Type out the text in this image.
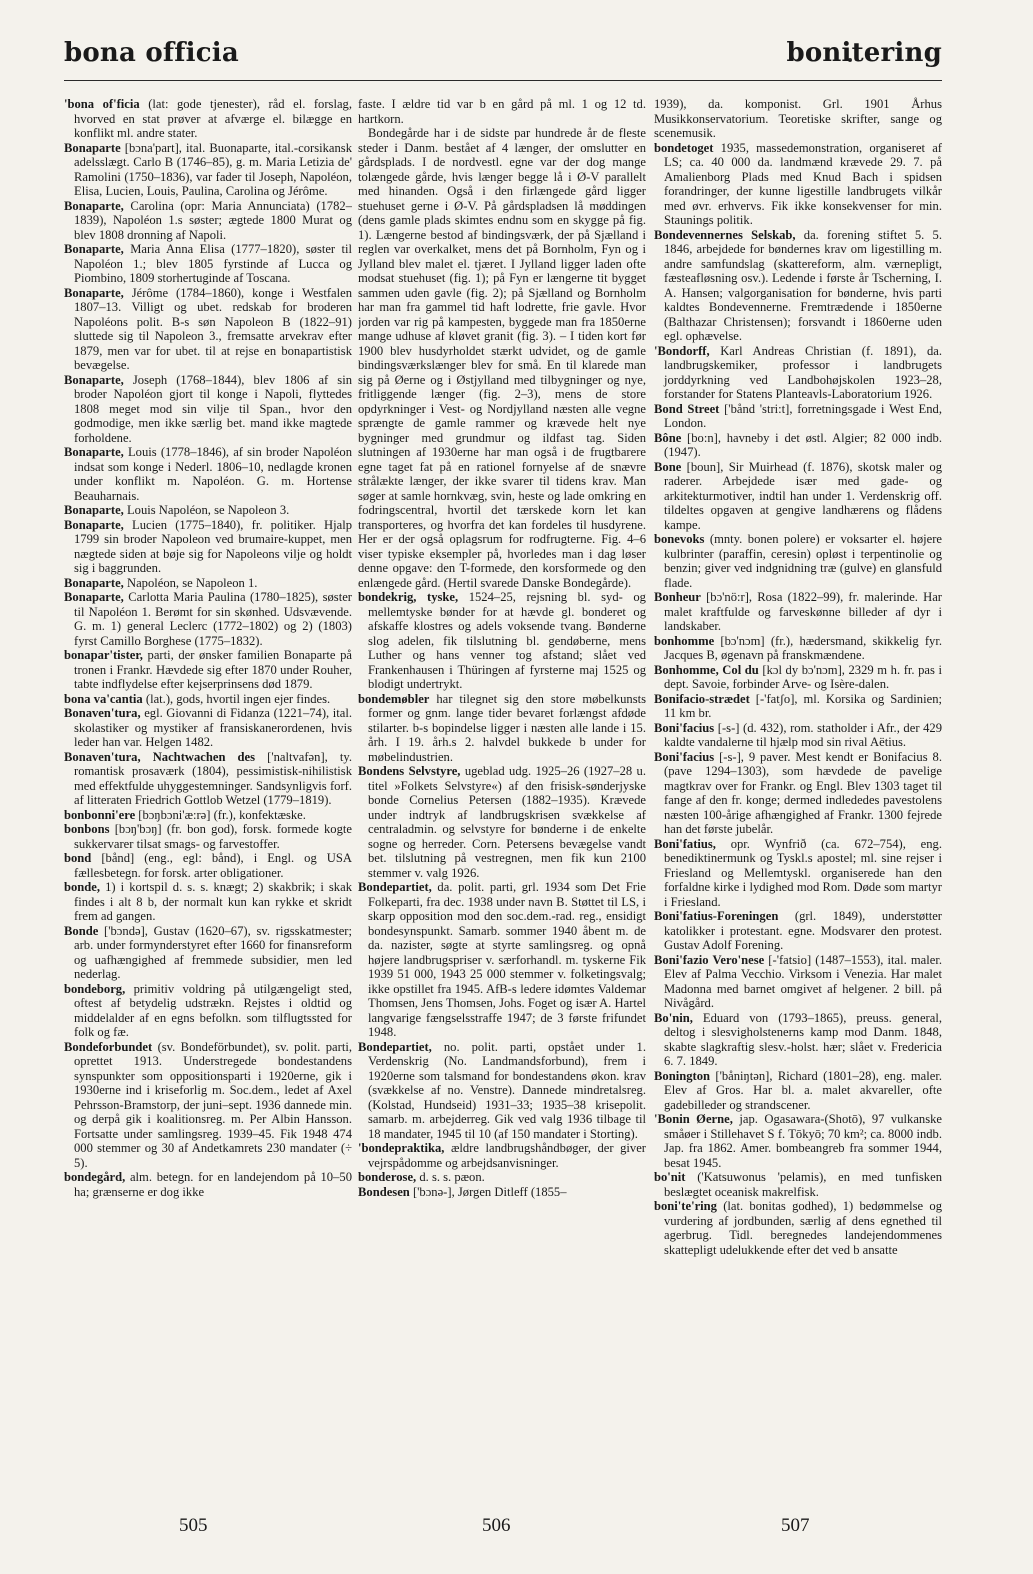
bona officia	bonitering

'bona of'ficia (lat: gode tjenester), råd el. forslag, hvorved en stat prøver at afværge el. bilægge en konflikt ml. andre stater.

Bonaparte [bɔna'part], ital. Buonaparte, ital.-corsikansk adelsslægt. Carlo B (1746–85), g. m. Maria Letizia de' Ramolini (1750–1836), var fader til Joseph, Napoléon, Elisa, Lucien, Louis, Paulina, Carolina og Jérôme.

Bonaparte, Carolina (opr: Maria Annunciata) (1782–1839), Napoléon 1.s søster; ægtede 1800 Murat og blev 1808 dronning af Napoli.

Bonaparte, Maria Anna Elisa (1777–1820), søster til Napoléon 1.; blev 1805 fyrstinde af Lucca og Piombino, 1809 storhertuginde af Toscana.

Bonaparte, Jérôme (1784–1860), konge i Westfalen 1807–13. Villigt og ubet. redskab for broderen Napoléons polit. B-s søn Napoleon B (1822–91) sluttede sig til Napoleon 3., fremsatte arvekrav efter 1879, men var for ubet. til at rejse en bonapartistisk bevægelse.

Bonaparte, Joseph (1768–1844), blev 1806 af sin broder Napoléon gjort til konge i Napoli, flyttedes 1808 meget mod sin vilje til Span., hvor den godmodige, men ikke særlig bet. mand ikke magtede forholdene.

Bonaparte, Louis (1778–1846), af sin broder Napoléon indsat som konge i Nederl. 1806–10, nedlagde kronen under konflikt m. Napoléon. G. m. Hortense Beauharnais.

Bonaparte, Louis Napoléon, se Napoleon 3.

Bonaparte, Lucien (1775–1840), fr. politiker. Hjalp 1799 sin broder Napoleon ved brumaire-kuppet, men nægtede siden at bøje sig for Napoleons vilje og holdt sig i baggrunden.

Bonaparte, Napoléon, se Napoleon 1.

Bonaparte, Carlotta Maria Paulina (1780–1825), søster til Napoléon 1. Berømt for sin skønhed. Udsvævende. G. m. 1) general Leclerc (1772–1802) og 2) (1803) fyrst Camillo Borghese (1775–1832).

bonapar'tister, parti, der ønsker familien Bonaparte på tronen i Frankr. Hævdede sig efter 1870 under Rouher, tabte indflydelse efter kejserprinsens død 1879.

bona va'cantia (lat.), gods, hvortil ingen ejer findes.

Bonaven'tura, egl. Giovanni di Fidanza (1221–74), ital. skolastiker og mystiker af fransiskanerordenen, hvis leder han var. Helgen 1482.

Bonaven'tura, Nachtwachen des ['naltvafən], ty. romantisk prosaværk (1804), pessimistisk-nihilistisk med effektfulde uhyggestemninger. Sandsynligvis forf. af litteraten Friedrich Gottlob Wetzel (1779–1819).

bonbonni'ere [bɔŋbɔni'æ:rə] (fr.), konfektæske.

bonbons [bɔŋ'bɔŋ] (fr. bon god), forsk. formede kogte sukkervarer tilsat smags- og farvestoffer.

bond [bånd] (eng., egl: bånd), i Engl. og USA fællesbetegn. for forsk. arter obligationer.

bonde, 1) i kortspil d. s. s. knægt; 2) skakbrik; i skak findes i alt 8 b, der normalt kun kan rykke et skridt frem ad gangen.

Bonde ['bɔndə], Gustav (1620–67), sv. rigsskatmester; arb. under formynderstyret efter 1660 for finansreform og uafhængighed af fremmede subsidier, men led nederlag.

bondeborg, primitiv voldring på utilgængeligt sted, oftest af betydelig udstrækn. Rejstes i oldtid og middelalder af en egns befolkn. som tilflugtssted for folk og fæ.

Bondeforbundet (sv. Bondeförbundet), sv. polit. parti, oprettet 1913. Understregede bondestandens synspunkter som oppositionsparti i 1920erne, gik i 1930erne ind i kriseforlig m. Soc.dem., ledet af Axel Pehrsson-Bramstorp, der juni–sept. 1936 dannede min. og derpå gik i koalitionsreg. m. Per Albin Hansson. Fortsatte under samlingsreg. 1939–45. Fik 1948 474 000 stemmer og 30 af Andetkamrets 230 mandater (÷ 5).

bondegård, alm. betegn. for en landejendom på 10–50 ha; grænserne er dog ikke

faste. I ældre tid var b en gård på ml. 1 og 12 td. hartkorn.

Bondegårde har i de sidste par hundrede år de fleste steder i Danm. bestået af 4 længer, der omslutter en gårdsplads. I de nordvestl. egne var der dog mange tolængede gårde, hvis længer begge lå i Ø-V parallelt med hinanden. Også i den firlængede gård ligger stuehuset gerne i Ø-V. På gårdspladsen lå møddingen (dens gamle plads skimtes endnu som en skygge på fig. 1). Længerne bestod af bindingsværk, der på Sjælland i reglen var overkalket, mens det på Bornholm, Fyn og i Jylland blev malet el. tjæret. I Jylland ligger laden ofte modsat stuehuset (fig. 1); på Fyn er længerne tit bygget sammen uden gavle (fig. 2); på Sjælland og Bornholm har man fra gammel tid haft lodrette, frie gavle. Hvor jorden var rig på kampesten, byggede man fra 1850erne mange udhuse af kløvet granit (fig. 3). – I tiden kort før 1900 blev husdyrholdet stærkt udvidet, og de gamle bindingsværkslænger blev for små. En til klarede man sig på Øerne og i Østjylland med tilbygninger og nye, fritliggende længer (fig. 2–3), mens de store opdyrkninger i Vest- og Nordjylland næsten alle vegne sprængte de gamle rammer og krævede helt nye bygninger med grundmur og ildfast tag. Siden slutningen af 1930erne har man også i de frugtbarere egne taget fat på en rationel fornyelse af de snævre strålækte længer, der ikke svarer til tidens krav. Man søger at samle hornkvæg, svin, heste og lade omkring en fodringscentral, hvortil det tærskede korn let kan transporteres, og hvorfra det kan fordeles til husdyrene. Her er der også oplagsrum for rodfrugterne. Fig. 4–6 viser typiske eksempler på, hvorledes man i dag løser denne opgave: den T-formede, den korsformede og den enlængede gård. (Hertil svarede Danske Bondegårde).

bondekrig, tyske, 1524–25, rejsning bl. syd- og mellemtyske bønder for at hævde gl. bonderet og afskaffe klostres og adels voksende tvang. Bønderne slog adelen, fik tilslutning bl. gendøberne, mens Luther og hans venner tog afstand; slået ved Frankenhausen i Thüringen af fyrsterne maj 1525 og blodigt undertrykt.

bondemøbler har tilegnet sig den store møbelkunsts former og gnm. lange tider bevaret forlængst afdøde stilarter. b-s bopindelse ligger i næsten alle lande i 15. årh. I 19. årh.s 2. halvdel bukkede b under for møbelindustrien.

Bondens Selvstyre, ugeblad udg. 1925–26 (1927–28 u. titel »Folkets Selvstyre«) af den frisisk-sønderjyske bonde Cornelius Petersen (1882–1935). Krævede under indtryk af landbrugskrisen svækkelse af centraladmin. og selvstyre for bønderne i de enkelte sogne og herreder. Corn. Petersens bevægelse vandt bet. tilslutning på vestregnen, men fik kun 2100 stemmer v. valg 1926.

Bondepartiet, da. polit. parti, grl. 1934 som Det Frie Folkeparti, fra dec. 1938 under navn B. Støttet til LS, i skarp opposition mod den soc.dem.-rad. reg., ensidigt bondesynspunkt. Samarb. sommer 1940 åbent m. de da. nazister, søgte at styrte samlingsreg. og opnå højere landbrugspriser v. særforhandl. m. tyskerne Fik 1939 51 000, 1943 25 000 stemmer v. folketingsvalg; ikke opstillet fra 1945. AfB-s ledere idømtes Valdemar Thomsen, Jens Thomsen, Johs. Foget og især A. Hartel langvarige fængselsstraffe 1947; de 3 første frifundet 1948.

Bondepartiet, no. polit. parti, opstået under 1. Verdenskrig (No. Landmandsforbund), frem i 1920erne som talsmand for bondestandens økon. krav (svækkelse af no. Venstre). Dannede mindretalsreg. (Kolstad, Hundseid) 1931–33; 1935–38 krisepolit. samarb. m. arbejderreg. Gik ved valg 1936 tilbage til 18 mandater, 1945 til 10 (af 150 mandater i Storting).

'bondepraktika, ældre landbrugshåndbøger, der giver vejrspådomme og arbejdsanvisninger.

bonderose, d. s. s. pæon.

Bondesen ['bɔnə-], Jørgen Ditleff (1855–

1939), da. komponist. Grl. 1901 Århus Musikkonservatorium. Teoretiske skrifter, sange og scenemusik.

bondetoget 1935, massedemonstration, organiseret af LS; ca. 40 000 da. landmænd krævede 29. 7. på Amalienborg Plads med Knud Bach i spidsen forandringer, der kunne ligestille landbrugets vilkår med øvr. erhvervs. Fik ikke konsekvenser for min. Staunings politik.

Bondevennernes Selskab, da. forening stiftet 5. 5. 1846, arbejdede for bøndernes krav om ligestilling m. andre samfundslag (skattereform, alm. værnepligt, fæsteafløsning osv.). Ledende i første år Tscherning, I. A. Hansen; valgorganisation for bønderne, hvis parti kaldtes Bondevennerne. Fremtrædende i 1850erne (Balthazar Christensen); forsvandt i 1860erne uden egl. ophævelse.

'Bondorff, Karl Andreas Christian (f. 1891), da. landbrugskemiker, professor i landbrugets jorddyrkning ved Landbohøjskolen 1923–28, forstander for Statens Planteavls-Laboratorium 1926.

Bond Street ['bånd 'stri:t], forretningsgade i West End, London.

Bône [bo:n], havneby i det østl. Algier; 82 000 indb. (1947).

Bone [boun], Sir Muirhead (f. 1876), skotsk maler og raderer. Arbejdede især med gade- og arkitekturmotiver, indtil han under 1. Verdenskrig off. tildeltes opgaven at gengive landhærens og flådens kampe.

bonevoks (mnty. bonen polere) er voksarter el. højere kulbrinter (paraffin, ceresin) opløst i terpentinolie og benzin; giver ved indgnidning træ (gulve) en glansfuld flade.

Bonheur [bɔ'nö:r], Rosa (1822–99), fr. malerinde. Har malet kraftfulde og farveskønne billeder af dyr i landskaber.

bonhomme [bɔ'nɔm] (fr.), hædersmand, skikkelig fyr. Jacques B, øgenavn på franskmændene.

Bonhomme, Col du [kɔl dy bɔ'nɔm], 2329 m h. fr. pas i dept. Savoie, forbinder Arve- og Isère-dalen.

Bonifacio-strædet [-'fatʃo], ml. Korsika og Sardinien; 11 km br.

Boni'facius [-s-] (d. 432), rom. statholder i Afr., der 429 kaldte vandalerne til hjælp mod sin rival Aëtius.

Boni'facius [-s-], 9 paver. Mest kendt er Bonifacius 8. (pave 1294–1303), som hævdede de pavelige magtkrav over for Frankr. og Engl. Blev 1303 taget til fange af den fr. konge; dermed indlededes pavestolens næsten 100-årige afhængighed af Frankr. 1300 fejrede han det første jubelår.

Boni'fatius, opr. Wynfrið (ca. 672–754), eng. benediktinermunk og Tyskl.s apostel; ml. sine rejser i Friesland og Mellemtyskl. organiserede han den forfaldne kirke i lydighed mod Rom. Døde som martyr i Friesland.

Boni'fatius-Foreningen (grl. 1849), understøtter katolikker i protestant. egne. Modsvarer den protest. Gustav Adolf Forening.

Boni'fazio Vero'nese [-'fatsio] (1487–1553), ital. maler. Elev af Palma Vecchio. Virksom i Venezia. Har malet Madonna med barnet omgivet af helgener. 2 bill. på Nivågård.

Bo'nin, Eduard von (1793–1865), preuss. general, deltog i slesvigholstenerns kamp mod Danm. 1848, skabte slagkraftig slesv.-holst. hær; slået v. Fredericia 6. 7. 1849.

Bonington ['båniŋtən], Richard (1801–28), eng. maler. Elev af Gros. Har bl. a. malet akvareller, ofte gadebilleder og strandscener.

'Bonin Øerne, jap. Ogasawara-(Shotō), 97 vulkanske småøer i Stillehavet S f. Tōkyō; 70 km²; ca. 8000 indb. Jap. fra 1862. Amer. bombeangreb fra sommer 1944, besat 1945.

bo'nit ('Katsuwonus 'pelamis), en med tunfisken beslægtet oceanisk makrelfisk.

boni'te'ring (lat. bonitas godhed), 1) bedømmelse og vurdering af jordbunden, særlig af dens egnethed til agerbrug. Tidl. beregnedes landejendommenes skattepligt udelukkende efter det ved b ansatte

505	506	507
